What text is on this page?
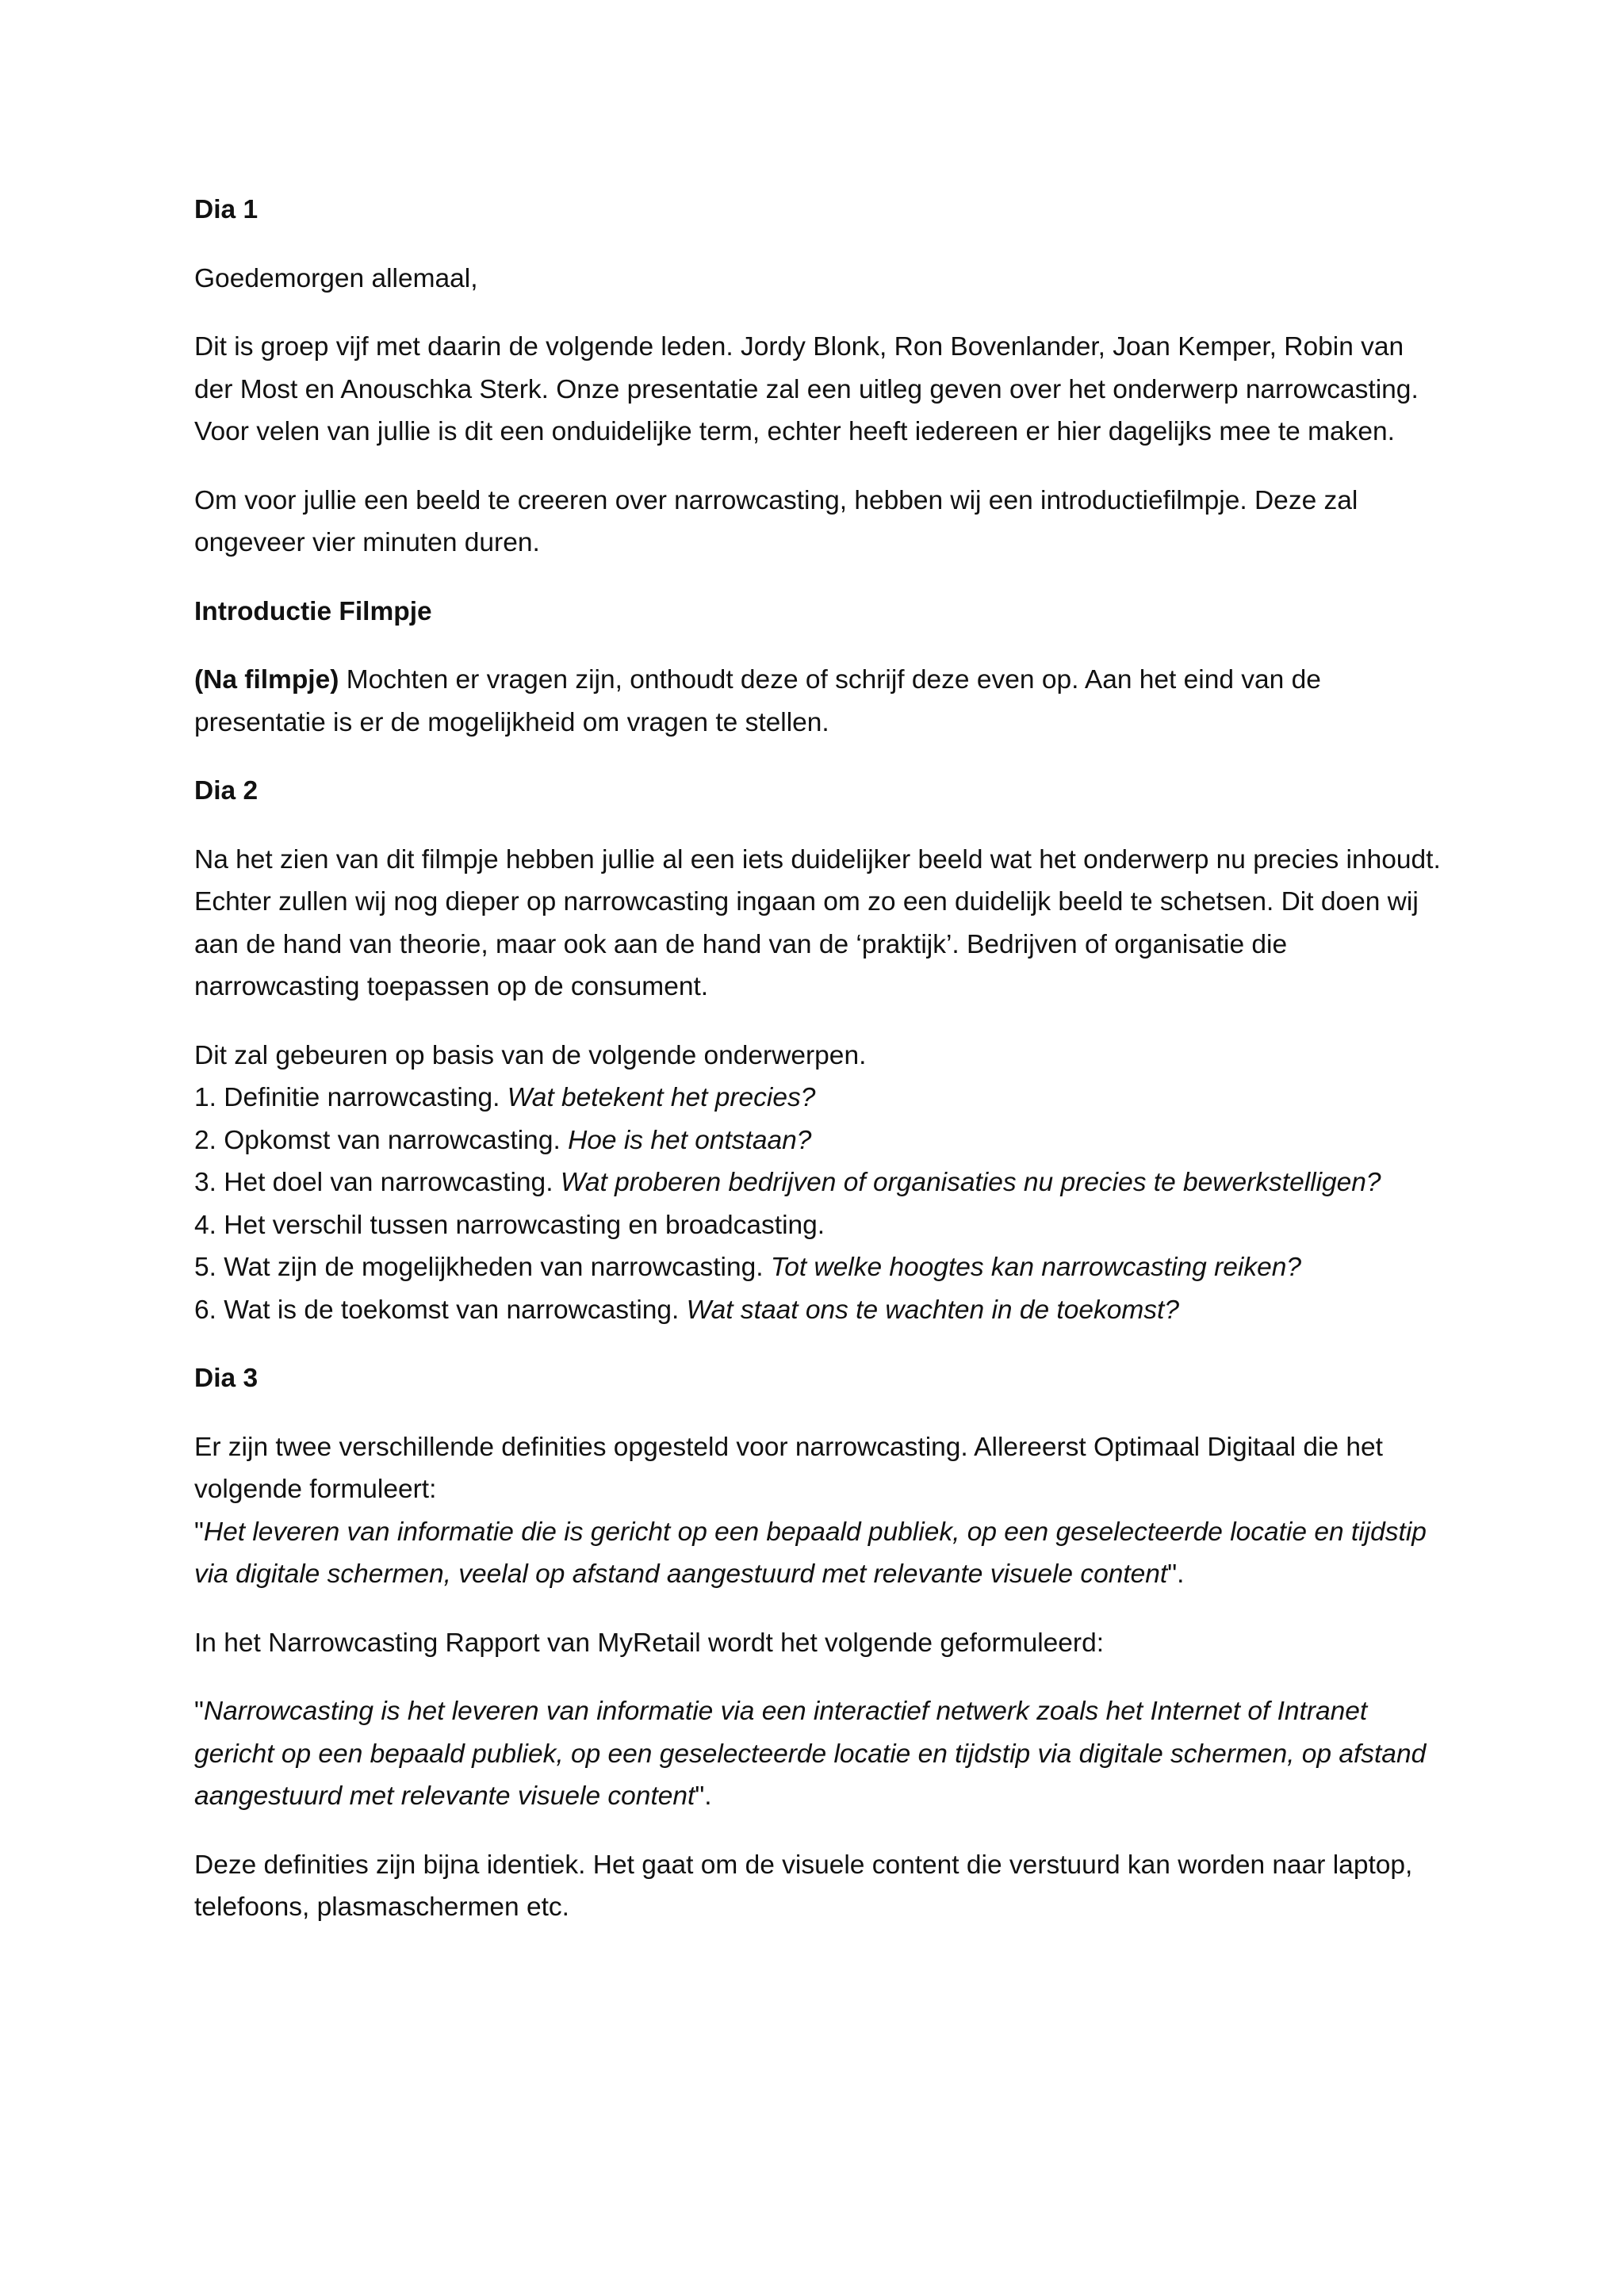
Dia 1

Goedemorgen allemaal,

Dit is groep vijf met daarin de volgende leden. Jordy Blonk, Ron Bovenlander, Joan Kemper, Robin van der Most en Anouschka Sterk. Onze presentatie zal een uitleg geven over het onderwerp narrowcasting. Voor velen van jullie is dit een onduidelijke term, echter heeft iedereen er hier dagelijks mee te maken.

Om voor jullie een beeld te creeren over narrowcasting, hebben wij een introductiefilmpje. Deze zal ongeveer vier minuten duren.

Introductie Filmpje

(Na filmpje) Mochten er vragen zijn, onthoudt deze of schrijf deze even op. Aan het eind van de presentatie is er de mogelijkheid om vragen te stellen.

Dia 2

Na het zien van dit filmpje hebben jullie al een iets duidelijker beeld wat het onderwerp nu precies inhoudt. Echter zullen wij nog dieper op narrowcasting ingaan om zo een duidelijk beeld te schetsen. Dit doen wij aan de hand van theorie, maar ook aan de hand van de ‘praktijk’. Bedrijven of organisatie die narrowcasting toepassen op de consument.

Dit zal gebeuren op basis van de volgende onderwerpen.

1. Definitie narrowcasting. Wat betekent het precies?

2. Opkomst van narrowcasting. Hoe is het ontstaan?

3. Het doel van narrowcasting. Wat proberen bedrijven of organisaties nu precies te bewerkstelligen?

4. Het verschil tussen narrowcasting en broadcasting.

5. Wat zijn de mogelijkheden van narrowcasting. Tot welke hoogtes kan narrowcasting reiken?

6. Wat is de toekomst van narrowcasting. Wat staat ons te wachten in de toekomst?

Dia 3

Er zijn twee verschillende definities opgesteld voor narrowcasting. Allereerst Optimaal Digitaal die het volgende formuleert:

"Het leveren van informatie die is gericht op een bepaald publiek, op een geselecteerde locatie en tijdstip via digitale schermen, veelal op afstand aangestuurd met relevante visuele content".

In het Narrowcasting Rapport van MyRetail wordt het volgende geformuleerd:

"Narrowcasting is het leveren van informatie via een interactief netwerk zoals het Internet of Intranet gericht op een bepaald publiek, op een geselecteerde locatie en tijdstip via digitale schermen, op afstand aangestuurd met relevante visuele content".

Deze definities zijn bijna identiek. Het gaat om de visuele content die verstuurd kan worden naar laptop, telefoons, plasmaschermen etc.
